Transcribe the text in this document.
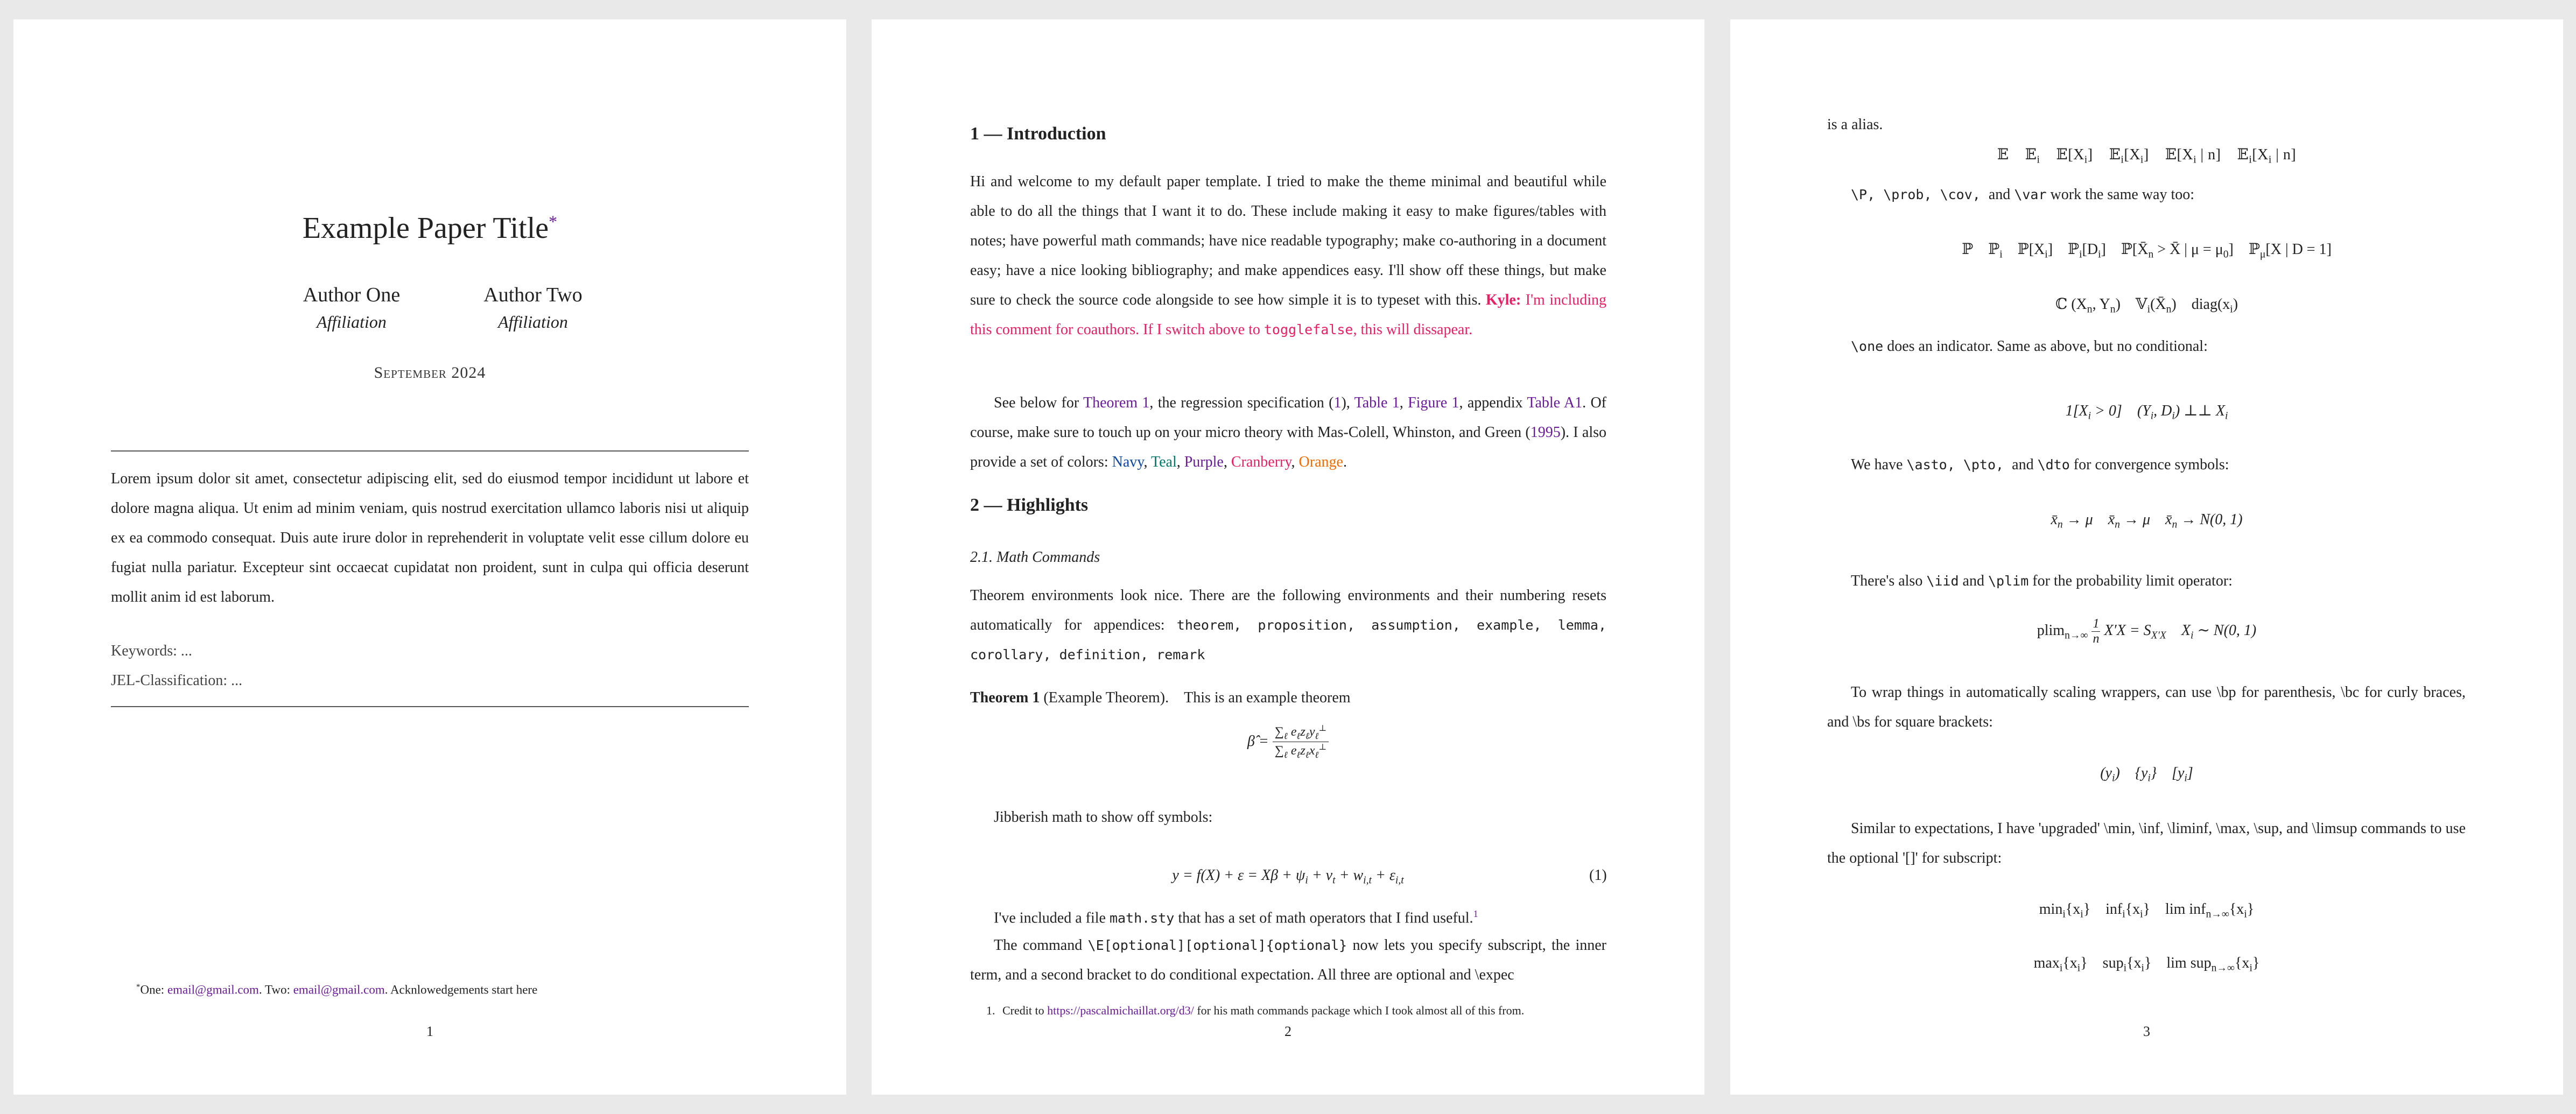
Example Paper Title*
Author One
Affiliation
Author Two
Affiliation
September 2024

Lorem ipsum dolor sit amet, consectetur adipiscing elit, sed do eiusmod tempor incididunt ut labore et dolore magna aliqua. Ut enim ad minim veniam, quis nostrud exercitation ullamco laboris nisi ut aliquip ex ea commodo consequat. Duis aute irure dolor in reprehenderit in voluptate velit esse cillum dolore eu fugiat nulla pariatur. Excepteur sint occaecat cupidatat non proident, sunt in culpa qui officia deserunt mollit anim id est laborum.

Keywords: ...
JEL-Classification: ...
*One: email@gmail.com. Two: email@gmail.com. Acknlowedgements start here
1
1 — Introduction

Hi and welcome to my default paper template. I tried to make the theme minimal and beautiful while able to do all the things that I want it to do. These include making it easy to make figures/tables with notes; have powerful math commands; have nice readable typography; make co-authoring in a document easy; have a nice looking bibliography; and make appendices easy. I'll show off these things, but make sure to check the source code alongside to see how simple it is to typeset with this. Kyle: I'm including this comment for coauthors. If I switch above to togglefalse, this will dissapear.

See below for Theorem 1, the regression specification (1), Table 1, Figure 1, appendix Table A1. Of course, make sure to touch up on your micro theory with Mas-Colell, Whinston, and Green (1995). I also provide a set of colors: Navy, Teal, Purple, Cranberry, Orange.

2 — Highlights
2.1. Math Commands

Theorem environments look nice. There are the following environments and their numbering resets automatically for appendices: theorem, proposition, assumption, example, lemma, corollary, definition, remark

Theorem 1 (Example Theorem). This is an example theorem
β̂ =
$\sum_\ell$ $e_\ell z_\ell y_\ell^\perp$
$\sum_\ell$ $e_\ell z_\ell x_\ell^\perp$
Jibberish math to show off symbols:
$y = f(X) + \varepsilon = X\beta + \psi_i + \nu_t + w_{i,t} + \varepsilon_{i,t}$	(1)
I've included a file math.sty that has a set of math operators that I find useful.$^1$

The command \E[optional][optional]{optional} now lets you specify subscript, the inner term, and a second bracket to do conditional expectation. All three are optional and \expec

1. Credit to https://pascalmichaillat.org/d3/ for his math commands package which I took almost all of this from.
2
is a alias.
𝔼    𝔼$_i$    $𝔼[X_i]$    $𝔼_i[X_i]$    $𝔼[X_i$ | n]    $𝔼_i[X_i$ | n]
\P, \prob, \cov, and \var work the same way too:
ℙ    ℙ$_i$    $ℙ[X_i]$    $ℙ_i[D_i]$    $ℙ[X̄_n$ > X̄ | $\mu = \mu_0$]    ℙ$_\mu$[X | D = 1]
ℂ ($X_n$, $Y_n$)    $𝕍_i(X̄_n)$    $diag(x_i)$
\one does an indicator. Same as above, but no conditional:
$1[X_i > 0]$    ($Y_i$, $D_i$) ⊥⊥ $X_i$
We have \asto, \pto, and \dto for convergence symbols:
$x̄_n \to \mu$    $x̄_n \to \mu$    $x̄_n \to N(0$, 1)
There's also \iid and \plim for the probability limit operator:
$plim_{n\to\infty} \frac{1}{n} X'X = S_{X'X}$ $X_i$ ∼ N(0, 1)

To wrap things in automatically scaling wrappers, can use \bp for parenthesis, \bc for curly braces, and \bs for square brackets:

$(y_i)$    $\{y_i\}$    $[y_i]$

Similar to expectations, I have 'upgraded' \min, \inf, \liminf, \max, \sup, and \limsup commands to use the optional '[]' for subscript:

$\min_i\{x_i\}$    $inf_i\{x_i\}$    $\lim inf_{n\to\infty}\{x_i\}$
$\max_i\{x_i\}$    $sup_i\{x_i\}$    $\lim sup_{n\to\infty}\{x_i\}$
3
